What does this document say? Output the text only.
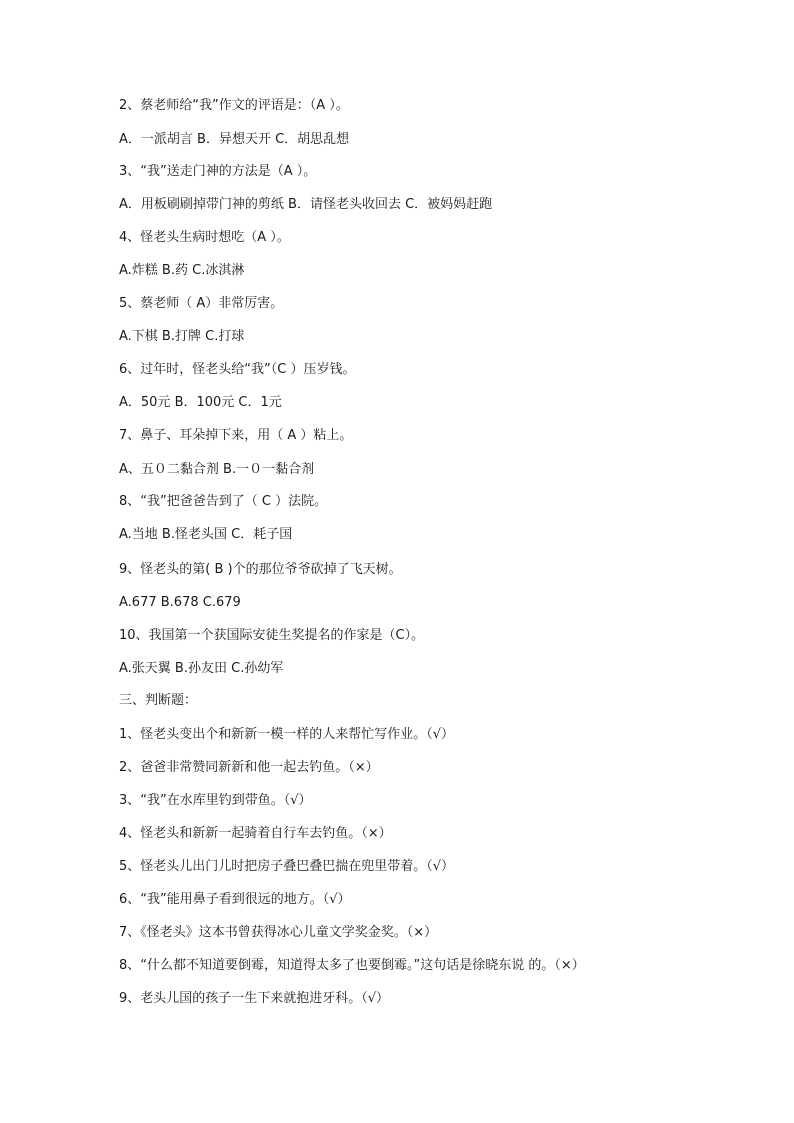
2、蔡老师给“我”作文的评语是：（A ）。
A．一派胡言 B．异想天开 C．胡思乱想
3、“我”送走门神的方法是（A ）。
A．用板刷刷掉带门神的剪纸 B．请怪老头收回去 C．被妈妈赶跑
4、怪老头生病时想吃（A ）。
A.炸糕 B.药 C.冰淇淋
5、蔡老师（ A）非常厉害。
A.下棋 B.打牌 C.打球
6、过年时，怪老头给“我”（C ）压岁钱。
A．50元 B．100元 C．1元
7、鼻子、耳朵掉下来，用（ A ）粘上。
A、五０二黏合剂 B.一０一黏合剂
8、“我”把爸爸告到了（ C ）法院。
A.当地 B.怪老头国 C．耗子国
9、怪老头的第( B )个的那位爷爷砍掉了飞天树。
A.677 B.678 C.679
10、我国第一个获国际安徒生奖提名的作家是（C）。
A.张天翼 B.孙友田 C.孙幼军
三、判断题：
1、怪老头变出个和新新一模一样的人来帮忙写作业。（√）
2、爸爸非常赞同新新和他一起去钓鱼。（×）
3、“我”在水库里钓到带鱼。（√）
4、怪老头和新新一起骑着自行车去钓鱼。（×）
5、怪老头儿出门儿时把房子叠巴叠巴揣在兜里带着。（√）
6、“我”能用鼻子看到很远的地方。（√）
7、《怪老头》这本书曾获得冰心儿童文学奖金奖。（×）
8、“什么都不知道要倒霉，知道得太多了也要倒霉。”这句话是徐晓东说 的。（×）
9、老头儿国的孩子一生下来就抱进牙科。（√）
